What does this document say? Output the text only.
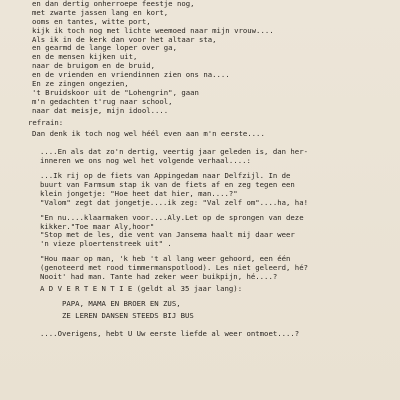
en dan dertig onherroepe feestje nog,
met zwarte jassen lang en kort,
ooms en tantes, witte port,
kijk ik toch nog met lichte weemoed naar mijn vrouw....
Als ik in de kerk dan voor het altaar sta,
en gearmd de lange loper over ga,
en de mensen kijken uit,
naar de bruigom en de bruid,
en de vrienden en vriendinnen zien ons na....
En ze zingen ongezien,
't Bruidskoor uit de "Lohengrin", gaan
m'n gedachten t'rug naar school,
naar dat meisje, mijn idool....
refrain:
Dan denk ik toch nog wel héél even aan m'n eerste....
....En als dat zo'n dertig, veertig jaar geleden is, dan her-
inneren we ons nog wel het volgende verhaal....:
...Ik rij op de fiets van Appingedam naar Delfzijl. In de
buurt van Farmsum stap ik van de fiets af en zeg tegen een
klein jongetje: "Hoe heet dat hier, man....?"
"Valom" zegt dat jongetje....ik zeg: "Val zelf om"....ha, ha!
"En nu....klaarmaken voor....Aly.Let op de sprongen van deze
kikker."Toe maar Aly,hoor"
"Stop met de les, die vent van Jansema haalt mij daar weer
'n vieze ploertenstreek uit" .
"Hou maar op man, 'k heb 't al lang weer gehoord, een één
(genoteerd met rood timmermanspotlood). Les niet geleerd, hé?
Nooit' had man. Tante had zeker weer buikpijn, hé....?
A D V E R T E N T I E (geldt al 35 jaar lang):
PAPA, MAMA EN BROER EN ZUS,
ZE LEREN DANSEN STEEDS BIJ BUS
....Overigens, hebt U Uw eerste liefde al weer ontmoet....?
